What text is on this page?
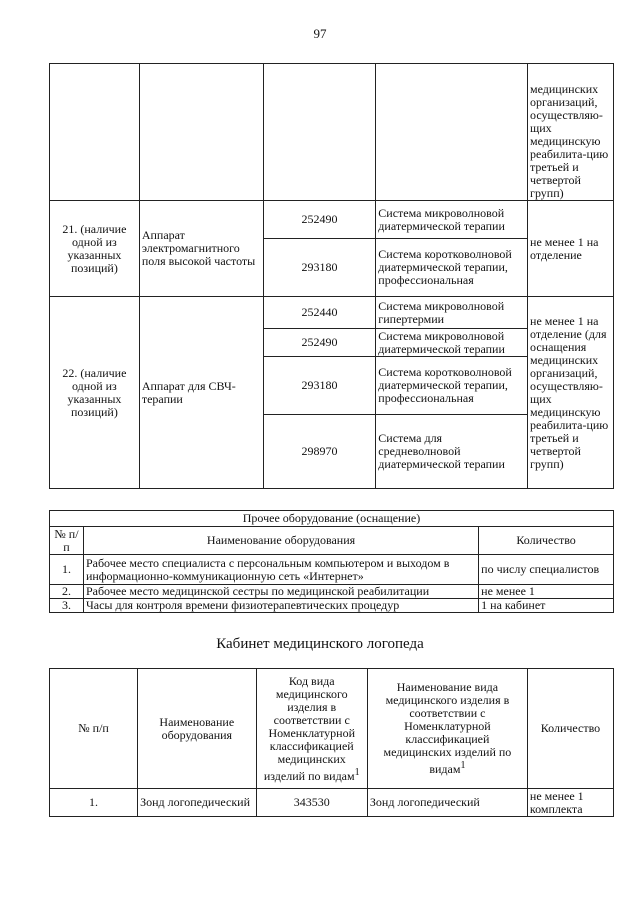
97
				медицинских организаций, осуществляю-щих медицинскую реабилита-цию третьей и четвертой групп)
21. (наличие одной из указанных позиций)	Аппарат электромагнитного поля высокой частоты	252490	Система микроволновой диатермической терапии	не менее 1 на отделение
		293180	Система коротковолновой диатермической терапии, профессиональная	
22. (наличие одной из указанных позиций)	Аппарат для СВЧ-терапии	252440	Система микроволновой гипертермии	не менее 1 на отделение (для оснащения медицинских организаций, осуществляю-щих медицинскую реабилита-цию третьей и четвертой групп)
		252490	Система микроволновой диатермической терапии	
		293180	Система коротковолновой диатермической терапии, профессиональная	
		298970	Система для средневолновой диатермической терапии	
Прочее оборудование (оснащение)		
№ п/п	Наименование оборудования	Количество
1.	Рабочее место специалиста с персональным компьютером и выходом в информационно-коммуникационную сеть «Интернет»	по числу специалистов
2.	Рабочее место медицинской сестры по медицинской реабилитации	не менее 1
3.	Часы для контроля времени физиотерапевтических процедур	1 на кабинет
Кабинет медицинского логопеда
№ п/п	Наименование оборудования	Код вида медицинского изделия в соответствии с Номенклатурной классификацией медицинских изделий по видам$^1$	Наименование вида медицинского изделия в соответствии с Номенклатурной классификацией медицинских изделий по видам$^1$	Количество
1.	Зонд логопедический	343530	Зонд логопедический	не менее 1 комплекта
